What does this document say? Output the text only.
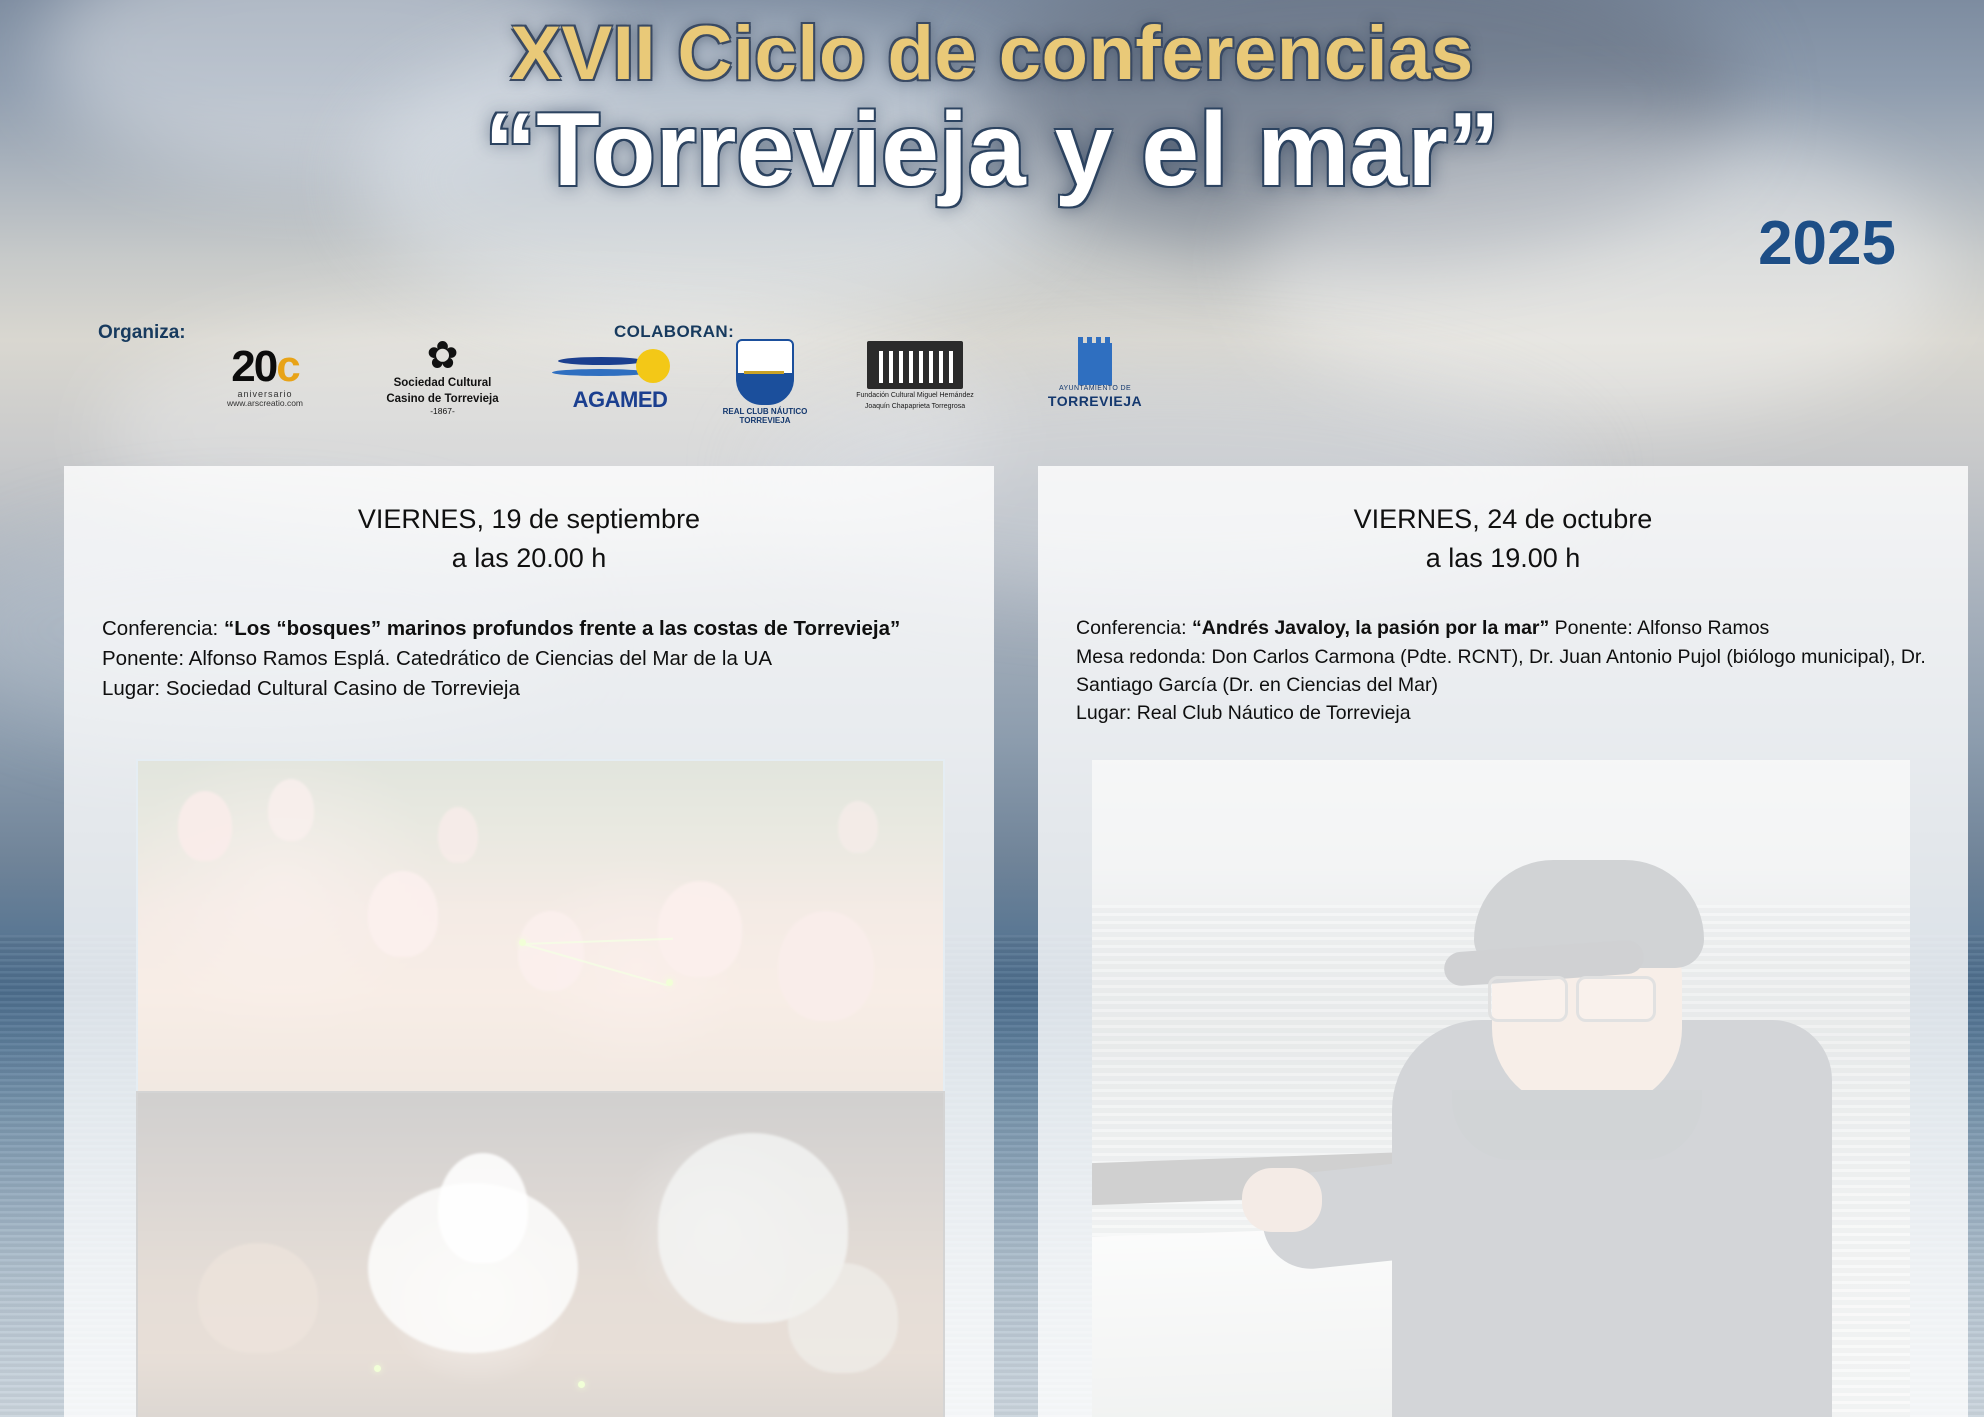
XVII Ciclo de conferencias
“Torrevieja y el mar”
2025
Organiza:	COLABORAN:
20c
aniversario
www.arscreatio.com
✿
Sociedad Cultural
Casino de Torrevieja
-1867-	AGAMED	REAL CLUB NÁUTICO TORREVIEJA
Fundación Cultural Miguel Hernández
Joaquín Chapaprieta Torregrosa
AYUNTAMIENTO DE
TORREVIEJA
VIERNES, 19 de septiembre
a las 20.00 h
Conferencia: “Los “bosques” marinos profundos frente a las costas de Torrevieja”
Ponente: Alfonso Ramos Esplá. Catedrático de Ciencias del Mar de la UA
Lugar: Sociedad Cultural Casino de Torrevieja
VIERNES, 24 de octubre
a las 19.00 h
Conferencia: “Andrés Javaloy, la pasión por la mar” Ponente: Alfonso Ramos
Mesa redonda: Don Carlos Carmona (Pdte. RCNT), Dr. Juan Antonio Pujol (biólogo municipal), Dr. Santiago García (Dr. en Ciencias del Mar)
Lugar: Real Club Náutico de Torrevieja
